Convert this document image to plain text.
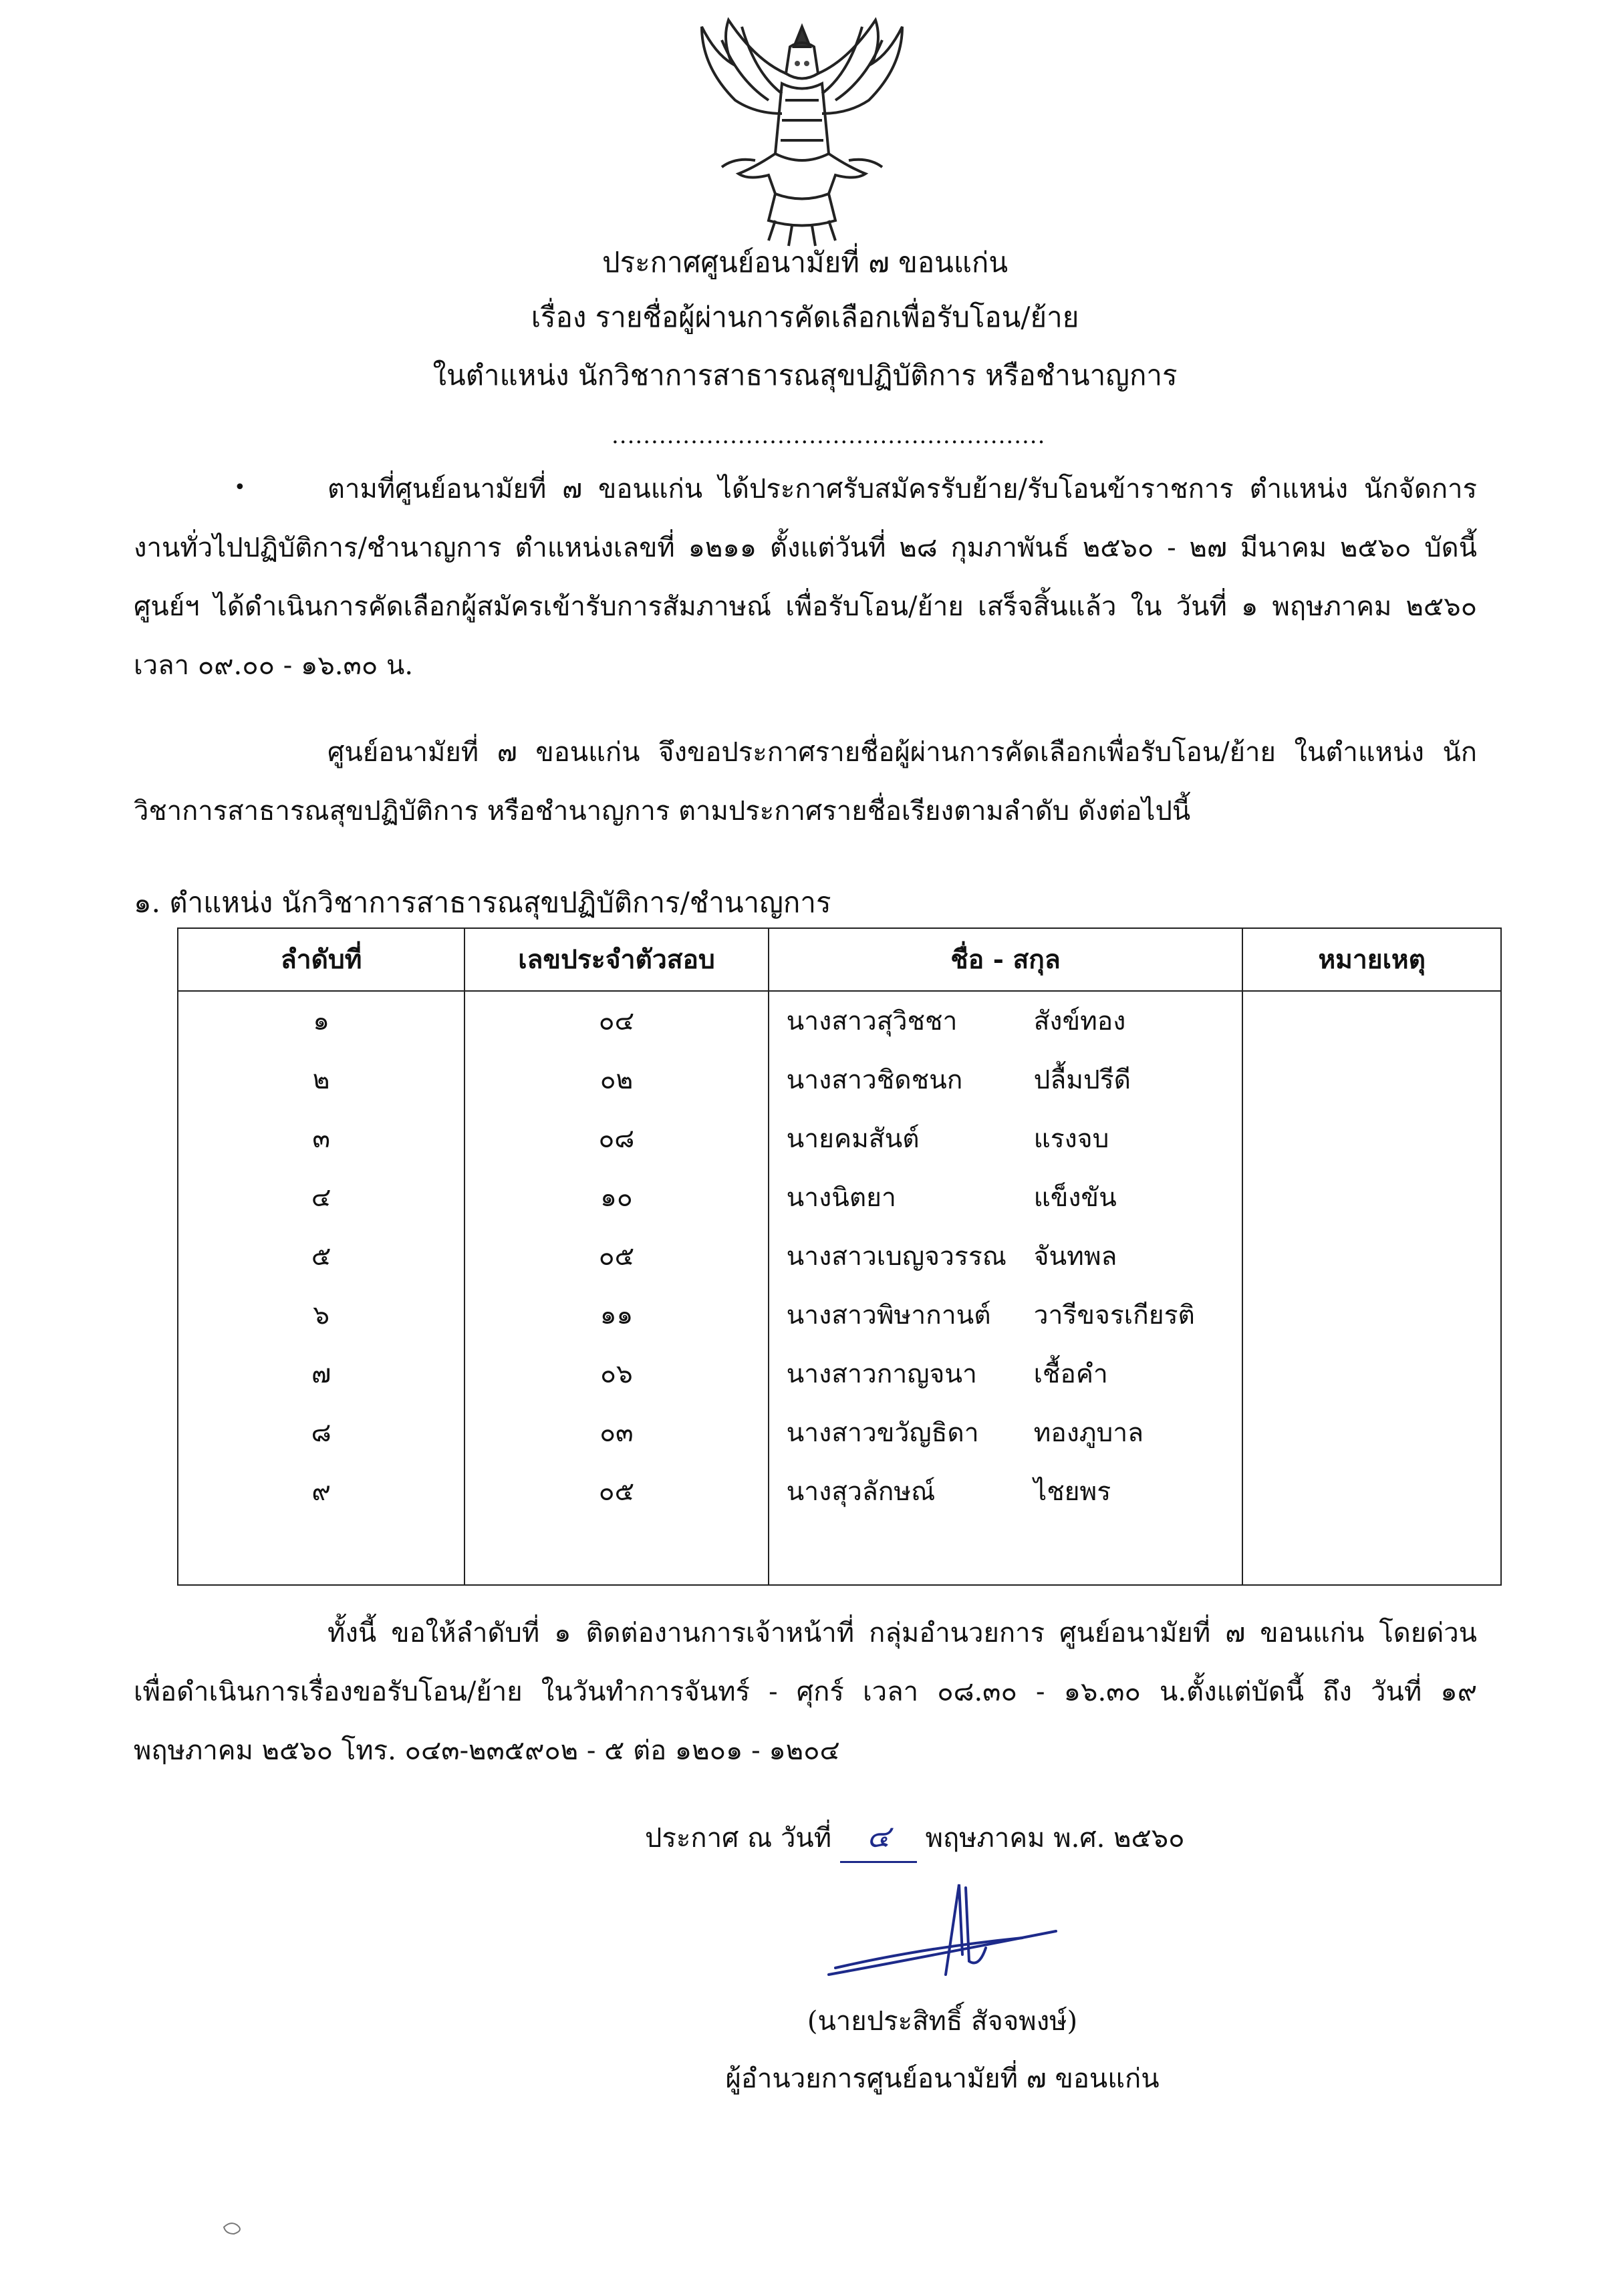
ประกาศศูนย์อนามัยที่ ๗ ขอนแก่น
เรื่อง รายชื่อผู้ผ่านการคัดเลือกเพื่อรับโอน/ย้าย
ในตำแหน่ง นักวิชาการสาธารณสุขปฏิบัติการ หรือชำนาญการ
.......................................................
•	ตามที่ศูนย์อนามัยที่ ๗ ขอนแก่น ได้ประกาศรับสมัครรับย้าย/รับโอนข้าราชการ ตำแหน่ง นักจัดการงานทั่วไปปฏิบัติการ/ชำนาญการ ตำแหน่งเลขที่ ๑๒๑๑ ตั้งแต่วันที่ ๒๘ กุมภาพันธ์ ๒๕๖๐ - ๒๗ มีนาคม ๒๕๖๐ บัดนี้ ศูนย์ฯ ได้ดำเนินการคัดเลือกผู้สมัครเข้ารับการสัมภาษณ์ เพื่อรับโอน/ย้าย เสร็จสิ้นแล้ว ใน วันที่ ๑ พฤษภาคม ๒๕๖๐ เวลา ๐๙.๐๐ - ๑๖.๓๐ น.

ศูนย์อนามัยที่ ๗ ขอนแก่น จึงขอประกาศรายชื่อผู้ผ่านการคัดเลือกเพื่อรับโอน/ย้าย ในตำแหน่ง นักวิชาการสาธารณสุขปฏิบัติการ หรือชำนาญการ ตามประกาศรายชื่อเรียงตามลำดับ ดังต่อไปนี้

๑. ตำแหน่ง นักวิชาการสาธารณสุขปฏิบัติการ/ชำนาญการ
ลำดับที่	เลขประจำตัวสอบ	ชื่อ - สกุล	หมายเหตุ
๑	๐๔	นางสาวสุวิชชา สังข์ทอง	
๒	๐๒	นางสาวชิดชนก ปลื้มปรีดี	
๓	๐๘	นายคมสันต์ แรงจบ	
๔	๑๐	นางนิตยา แข็งขัน	
๕	๐๕	นางสาวเบญจวรรณ จันทพล	
๖	๑๑	นางสาวพิษากานต์ วารีขจรเกียรติ	
๗	๐๖	นางสาวกาญจนา เชื้อคำ	
๘	๐๓	นางสาวขวัญธิดา ทองภูบาล	
๙	๐๕	นางสุวลักษณ์ ไชยพร	

ทั้งนี้ ขอให้ลำดับที่ ๑ ติดต่องานการเจ้าหน้าที่ กลุ่มอำนวยการ ศูนย์อนามัยที่ ๗ ขอนแก่น โดยด่วน เพื่อดำเนินการเรื่องขอรับโอน/ย้าย ในวันทำการจันทร์ - ศุกร์ เวลา ๐๘.๓๐ - ๑๖.๓๐ น.ตั้งแต่บัดนี้ ถึง วันที่ ๑๙ พฤษภาคม ๒๕๖๐ โทร. ๐๔๓-๒๓๕๙๐๒ - ๕ ต่อ ๑๒๐๑ - ๑๒๐๔

ประกาศ ณ วันที่ ๔ พฤษภาคม พ.ศ. ๒๕๖๐
(นายประสิทธิ์ สัจจพงษ์)
ผู้อำนวยการศูนย์อนามัยที่ ๗ ขอนแก่น
